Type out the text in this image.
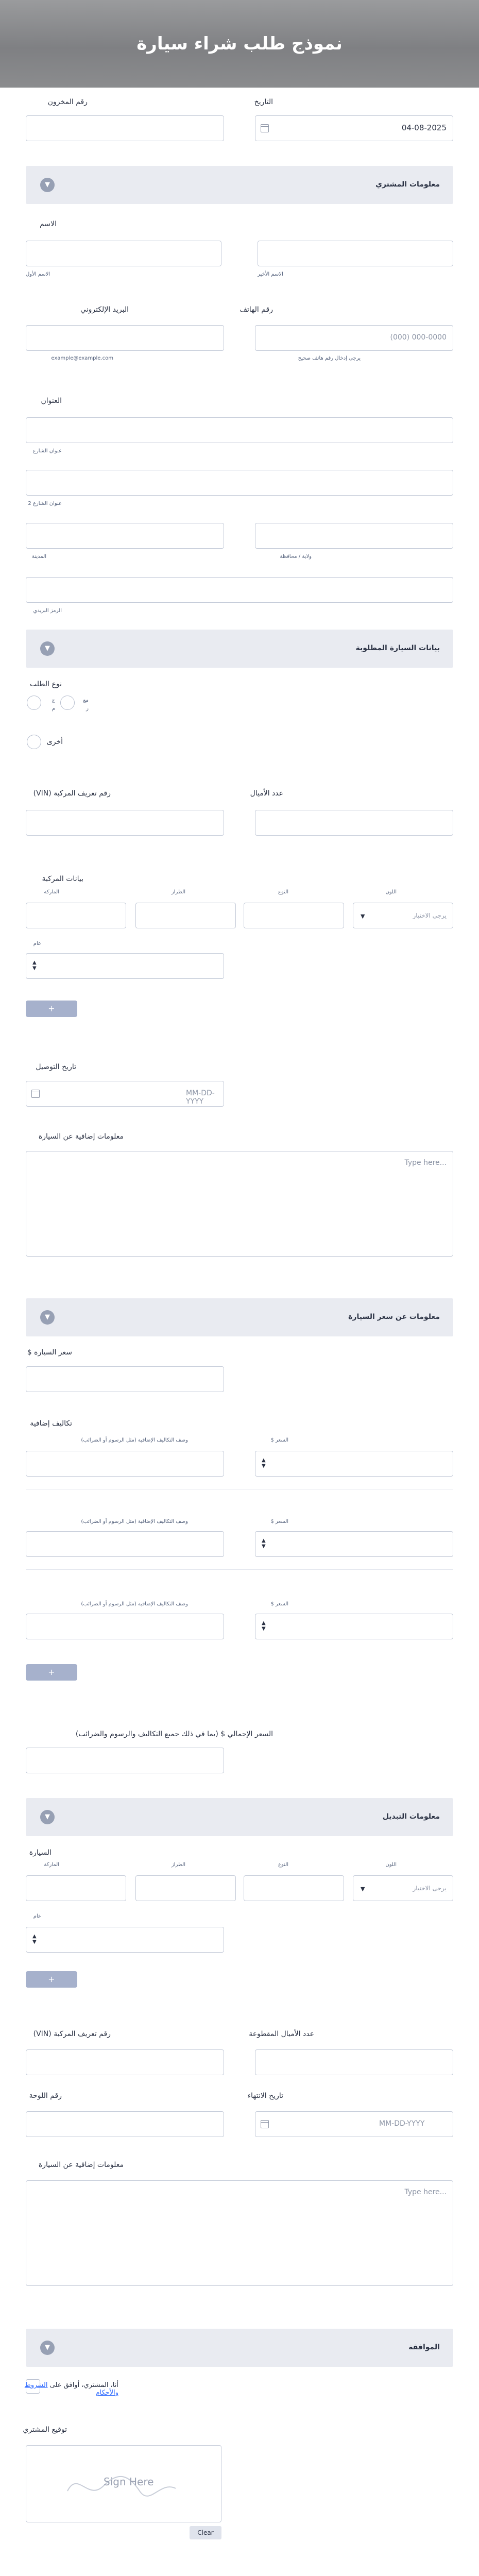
نموذج طلب شراء سيارة
التاريخ
04-08-2025
رقم المخزون
معلومات المشتري
▼
الاسم
الاسم الأخير
الاسم الأول
رقم الهاتف
(000) 000-0000
يرجى إدخال رقم هاتف صحيح
البريد الإلكتروني
example@example.com
العنوان
عنوان الشارع
عنوان الشارع 2
ولاية / محافظة
المدينة
الرمز البريدي
بيانات السيارة المطلوبة
▼
نوع الطلب
ج
م
مع
ر
أخرى
عدد الأميال
رقم تعريف المركبة (VIN)
بيانات المركبة
اللون
النوع
الطراز
الماركة
يرجى الاختيار
▼
عام
▲
▼
+
تاريخ التوصيل
MM-DD-YYYY
معلومات إضافية عن السيارة
Type here...
معلومات عن سعر السيارة
▼
سعر السيارة $
تكاليف إضافية
السعر $
وصف التكاليف الإضافية (مثل الرسوم أو الضرائب)
▲
▼
السعر $
وصف التكاليف الإضافية (مثل الرسوم أو الضرائب)
▲
▼
السعر $
وصف التكاليف الإضافية (مثل الرسوم أو الضرائب)
▲
▼
+
السعر الإجمالي $ (بما في ذلك جميع التكاليف والرسوم والضرائب)
معلومات التبديل
▼
السيارة
اللون
النوع
الطراز
الماركة
يرجى الاختيار
▼
عام
▲
▼
+
عدد الأميال المقطوعة
رقم تعريف المركبة (VIN)
تاريخ الانتهاء
MM-DD-YYYY
رقم اللوحة
معلومات إضافية عن السيارة
Type here...
الموافقة
▼
أنا، المشتري، أوافق على الشروط والأحكام
توقيع المشتري
Sign Here
Clear
